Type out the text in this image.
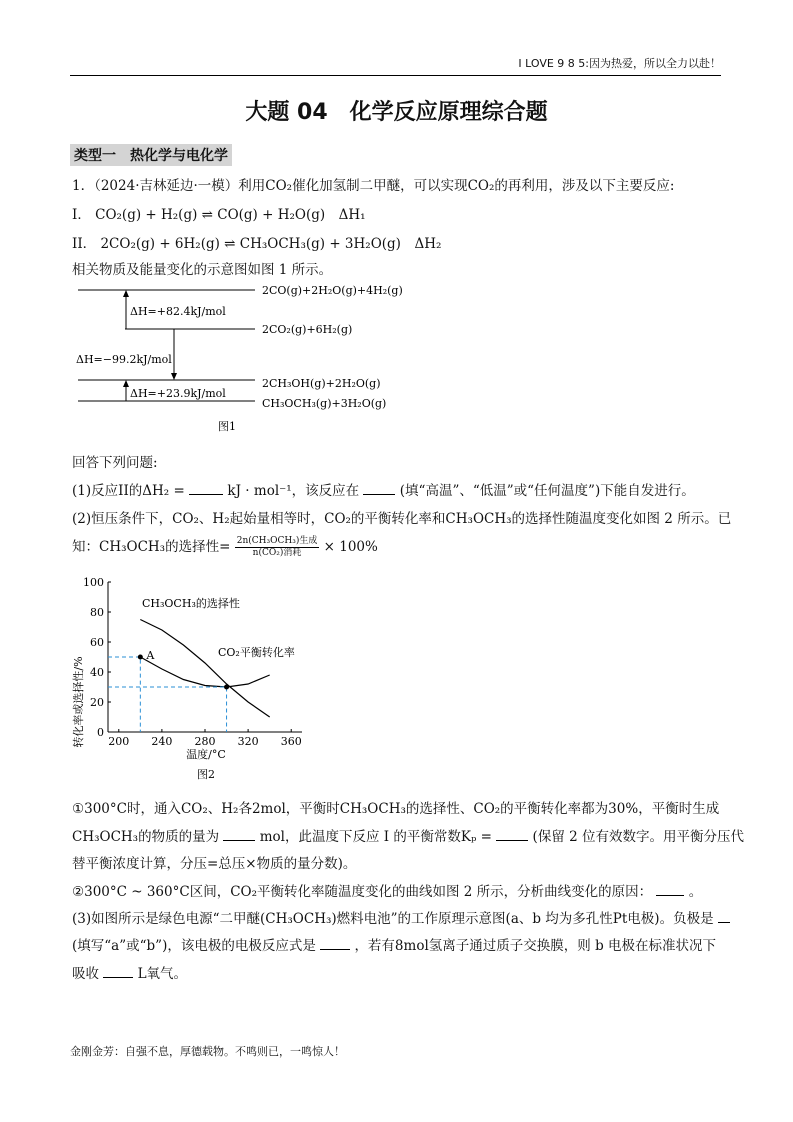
I LOVE 9 8 5:因为热爱，所以全力以赴！
大题 04　化学反应原理综合题
类型一　热化学与电化学
1．（2024·吉林延边·一模）利用CO₂催化加氢制二甲醚，可以实现CO₂的再利用，涉及以下主要反应:
I． CO₂(g) + H₂(g) ⇌ CO(g) + H₂O(g)　ΔH₁
II． 2CO₂(g) + 6H₂(g) ⇌ CH₃OCH₃(g) + 3H₂O(g)　ΔH₂
相关物质及能量变化的示意图如图 1 所示。
2CO(g)+2H₂O(g)+4H₂(g)
2CO₂(g)+6H₂(g)
2CH₃OH(g)+2H₂O(g)
CH₃OCH₃(g)+3H₂O(g)
ΔH=+82.4kJ/mol
ΔH=−99.2kJ/mol
ΔH=+23.9kJ/mol
图1
回答下列问题:
(1)反应II的ΔH₂ =	kJ · mol⁻¹，该反应在	(填“高温”、“低温”或“任何温度”)下能自发进行。
(2)恒压条件下，CO₂、H₂起始量相等时，CO₂的平衡转化率和CH₃OCH₃的选择性随温度变化如图 2 所示。已
知：CH₃OCH₃的选择性= $\frac{\text{2n(CH₃OCH₃)生成}}{\text{n(CO₂)消耗}} \times 100\%$
转化率或选择性/% 0
20
40
60
80
100
200 240 280 320 360
A
温度/°C
图2
CH₃OCH₃的选择性
CO₂平衡转化率
①300°C时，通入CO₂、H₂各2mol，平衡时CH₃OCH₃的选择性、CO₂的平衡转化率都为30%，平衡时生成
CH₃OCH₃的物质的量为	mol，此温度下反应 I 的平衡常数Kₚ =	(保留 2 位有效数字。用平衡分压代
替平衡浓度计算，分压=总压×物质的量分数)。
②300°C ~ 360°C区间，CO₂平衡转化率随温度变化的曲线如图 2 所示，分析曲线变化的原因：	。
(3)如图所示是绿色电源“二甲醚(CH₃OCH₃)燃料电池”的工作原理示意图(a、b 均为多孔性Pt电极)。负极是
(填写“a”或“b”)，该电极的电极反应式是	，若有8mol氢离子通过质子交换膜，则 b 电极在标准状况下
吸收	L氧气。
金刚金芳：自强不息，厚德载物。不鸣则已，一鸣惊人！
